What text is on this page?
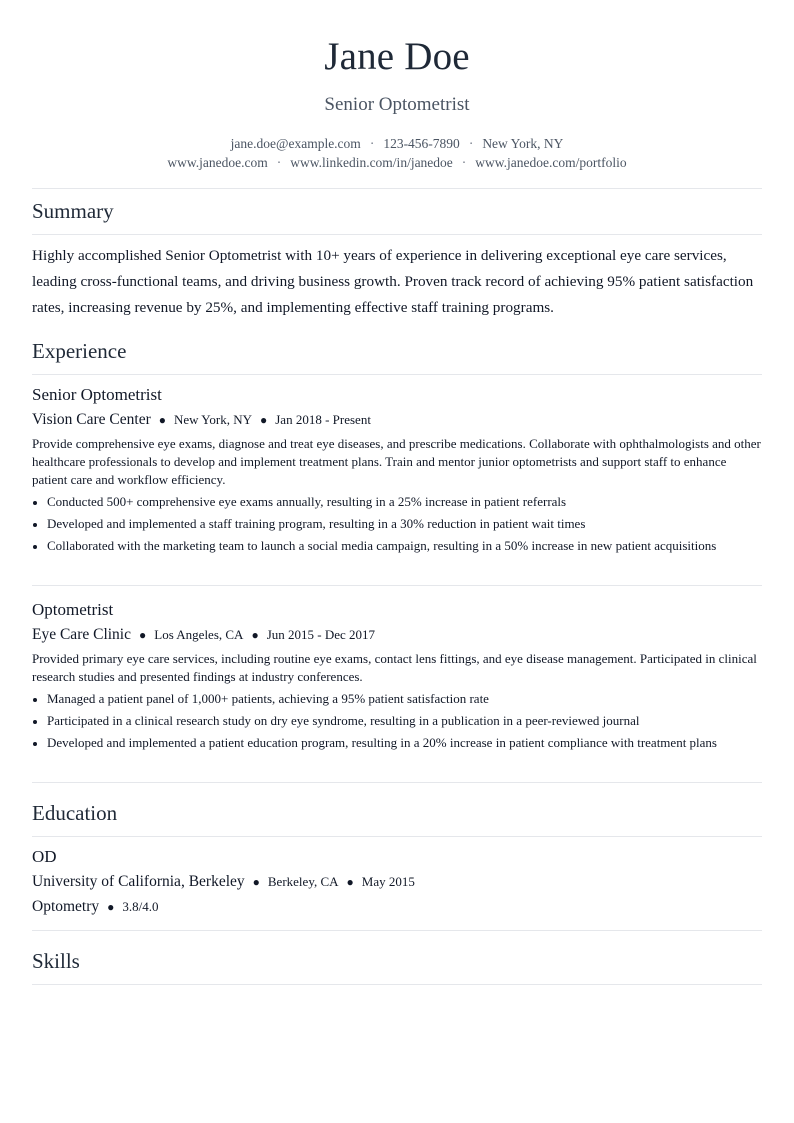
Jane Doe
Senior Optometrist
jane.doe@example.com · 123-456-7890 · New York, NY
www.janedoe.com · www.linkedin.com/in/janedoe · www.janedoe.com/portfolio
Summary
Highly accomplished Senior Optometrist with 10+ years of experience in delivering exceptional eye care services, leading cross-functional teams, and driving business growth. Proven track record of achieving 95% patient satisfaction rates, increasing revenue by 25%, and implementing effective staff training programs.
Experience
Senior Optometrist
Vision Care Center ● New York, NY ● Jan 2018 - Present
Provide comprehensive eye exams, diagnose and treat eye diseases, and prescribe medications. Collaborate with ophthalmologists and other healthcare professionals to develop and implement treatment plans. Train and mentor junior optometrists and support staff to enhance patient care and workflow efficiency.
Conducted 500+ comprehensive eye exams annually, resulting in a 25% increase in patient referrals
Developed and implemented a staff training program, resulting in a 30% reduction in patient wait times
Collaborated with the marketing team to launch a social media campaign, resulting in a 50% increase in new patient acquisitions
Optometrist
Eye Care Clinic ● Los Angeles, CA ● Jun 2015 - Dec 2017
Provided primary eye care services, including routine eye exams, contact lens fittings, and eye disease management. Participated in clinical research studies and presented findings at industry conferences.
Managed a patient panel of 1,000+ patients, achieving a 95% patient satisfaction rate
Participated in a clinical research study on dry eye syndrome, resulting in a publication in a peer-reviewed journal
Developed and implemented a patient education program, resulting in a 20% increase in patient compliance with treatment plans
Education
OD
University of California, Berkeley ● Berkeley, CA ● May 2015
Optometry ● 3.8/4.0
Skills
